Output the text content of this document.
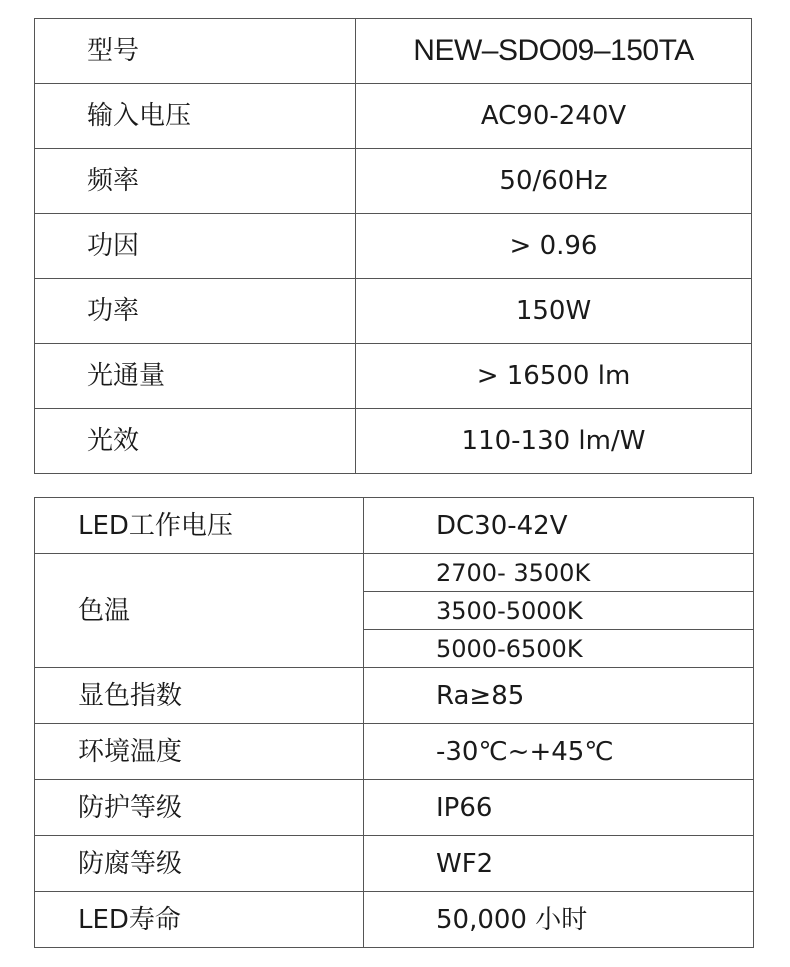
型号	NEW–SDO09–150TA
输入电压	AC90-240V
频率	50/60Hz
功因	> 0.96
功率	150W
光通量	> 16500 lm
光效	110-130 lm/W
LED工作电压	DC30-42V
色温	2700- 3500K
	3500-5000K
	5000-6500K
显色指数	Ra≥85
环境温度	-30℃~+45℃
防护等级	IP66
防腐等级	WF2
LED寿命	50,000 小时
